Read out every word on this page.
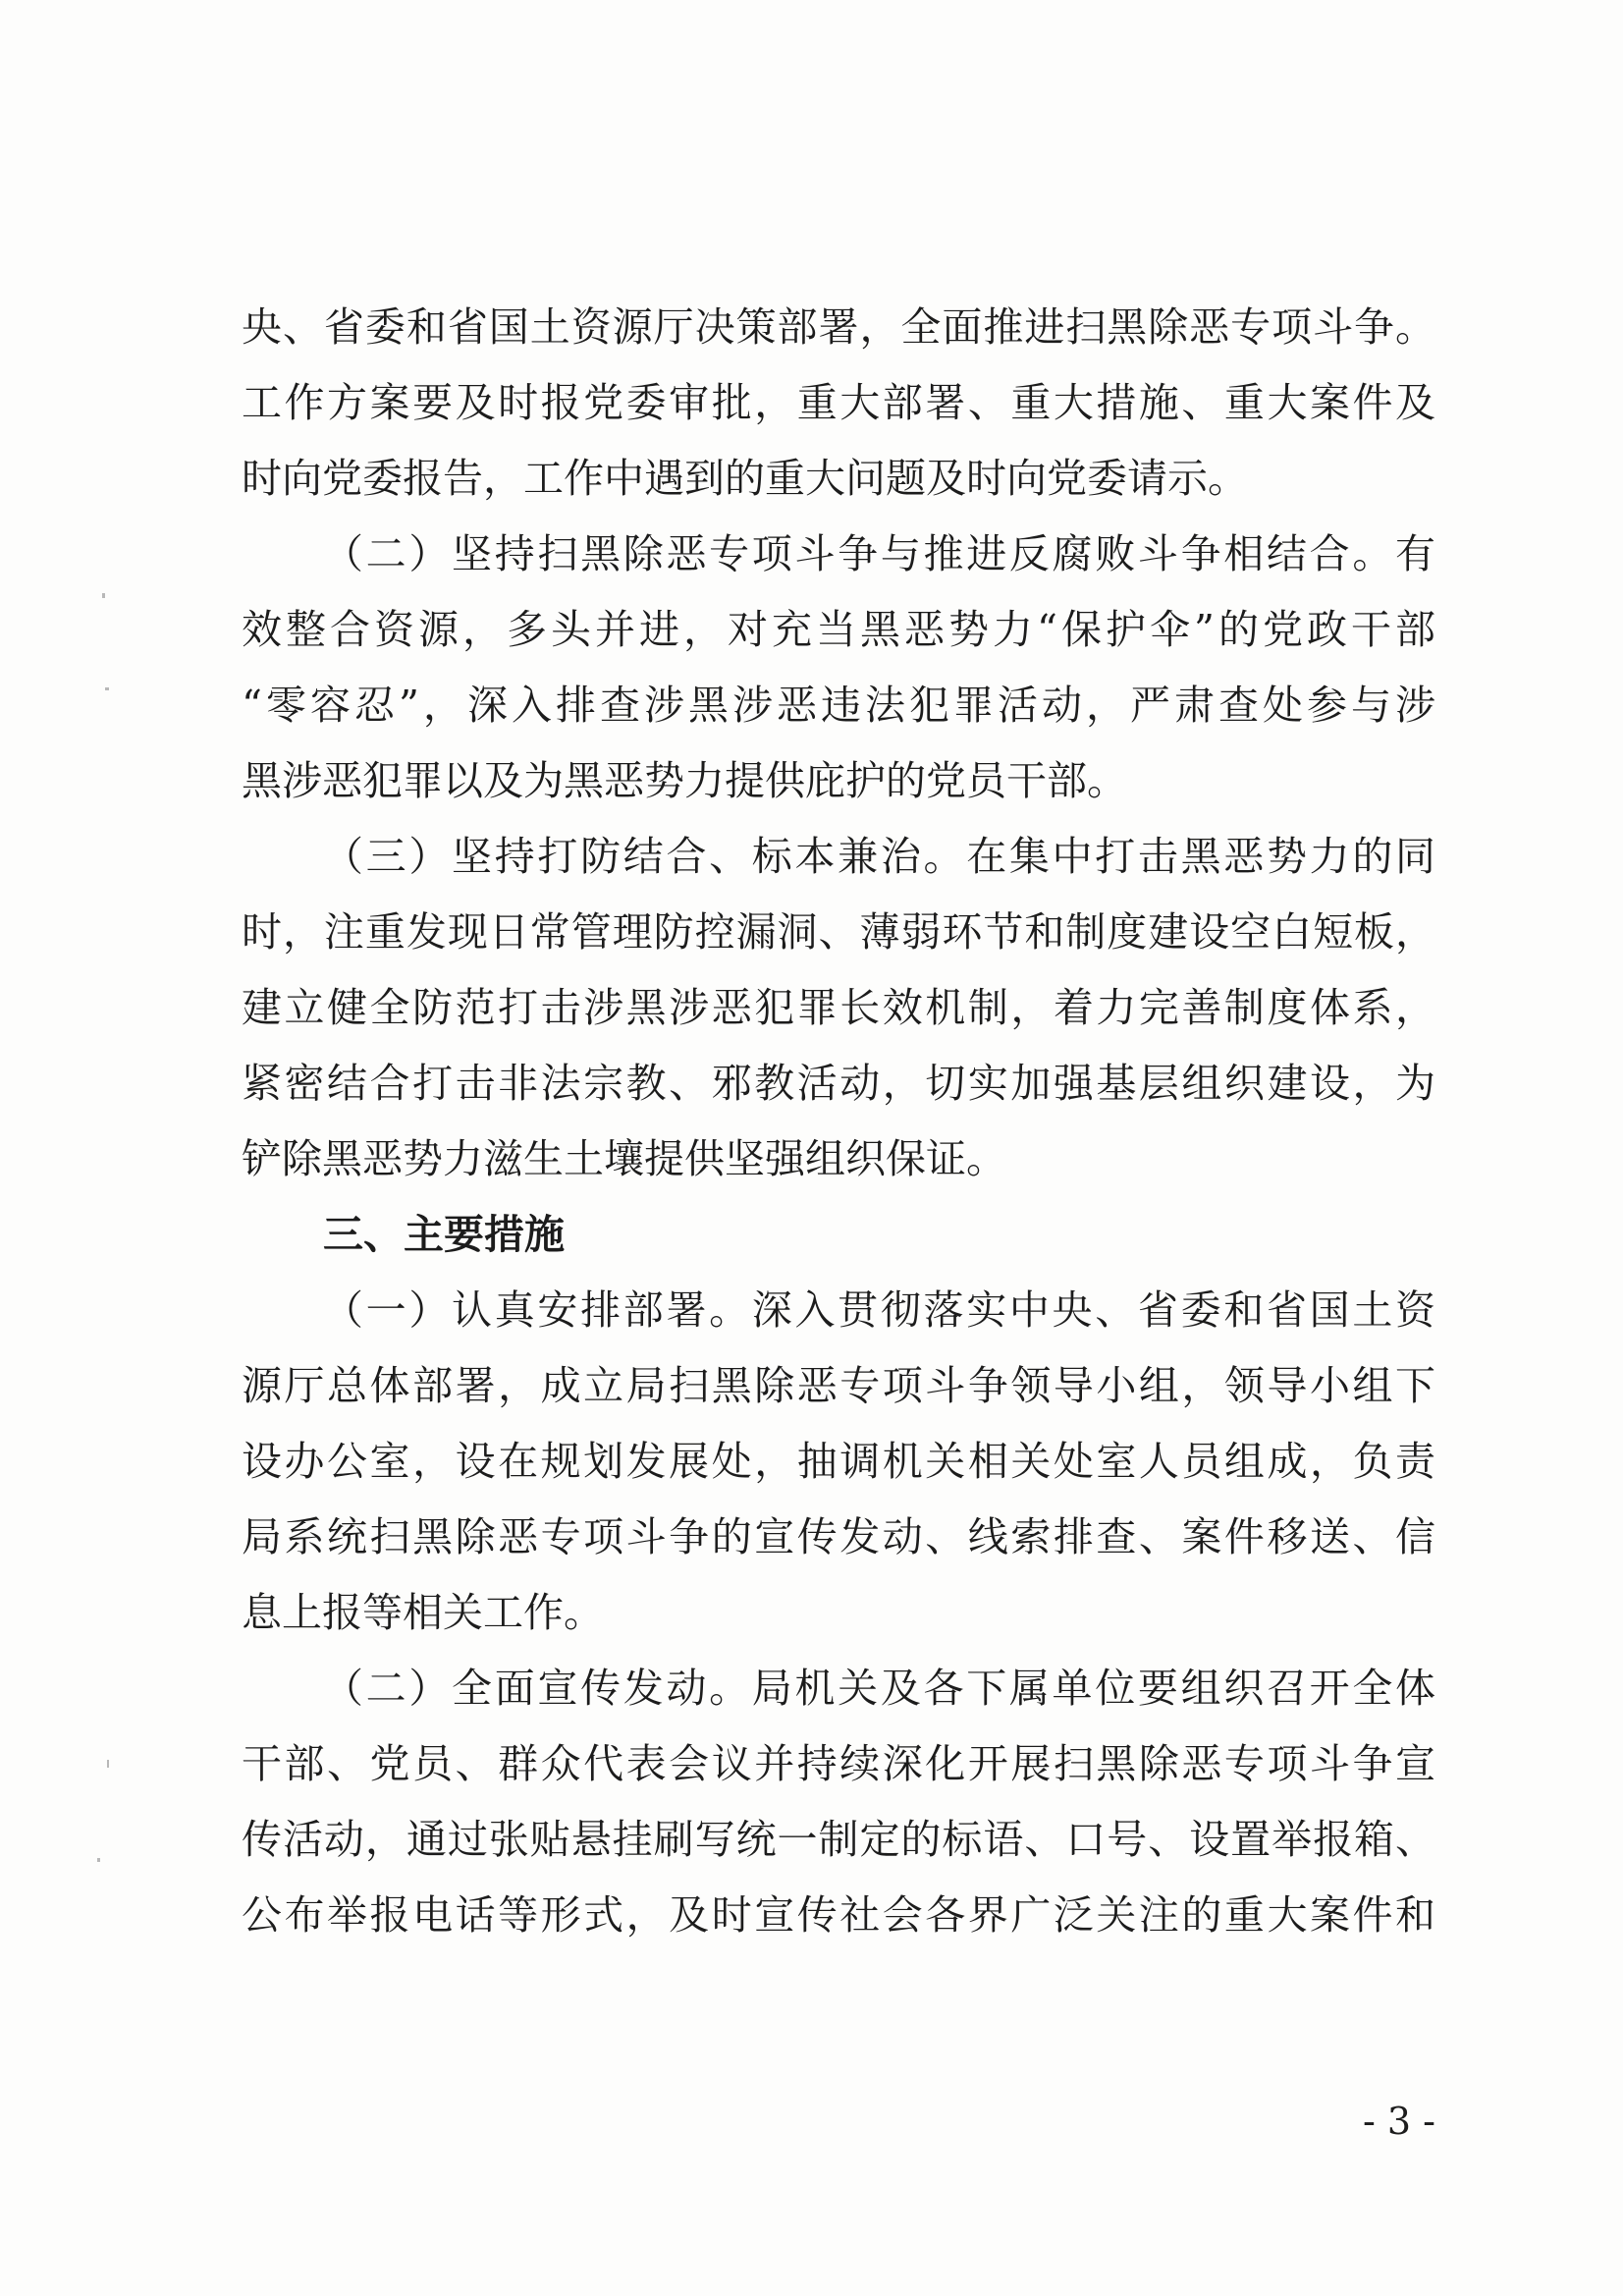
央、省委和省国土资源厅决策部署，全面推进扫黑除恶专项斗争。
工作方案要及时报党委审批，重大部署、重大措施、重大案件及
时向党委报告，工作中遇到的重大问题及时向党委请示。
（二）坚持扫黑除恶专项斗争与推进反腐败斗争相结合。有
效整合资源，多头并进，对充当黑恶势力“保护伞”的党政干部
“零容忍”，深入排查涉黑涉恶违法犯罪活动，严肃查处参与涉
黑涉恶犯罪以及为黑恶势力提供庇护的党员干部。
（三）坚持打防结合、标本兼治。在集中打击黑恶势力的同
时，注重发现日常管理防控漏洞、薄弱环节和制度建设空白短板，
建立健全防范打击涉黑涉恶犯罪长效机制，着力完善制度体系，
紧密结合打击非法宗教、邪教活动，切实加强基层组织建设，为
铲除黑恶势力滋生土壤提供坚强组织保证。
三、主要措施
（一）认真安排部署。深入贯彻落实中央、省委和省国土资
源厅总体部署，成立局扫黑除恶专项斗争领导小组，领导小组下
设办公室，设在规划发展处，抽调机关相关处室人员组成，负责
局系统扫黑除恶专项斗争的宣传发动、线索排查、案件移送、信
息上报等相关工作。
（二）全面宣传发动。局机关及各下属单位要组织召开全体
干部、党员、群众代表会议并持续深化开展扫黑除恶专项斗争宣
传活动，通过张贴悬挂刷写统一制定的标语、口号、设置举报箱、
公布举报电话等形式，及时宣传社会各界广泛关注的重大案件和
- 3 -
